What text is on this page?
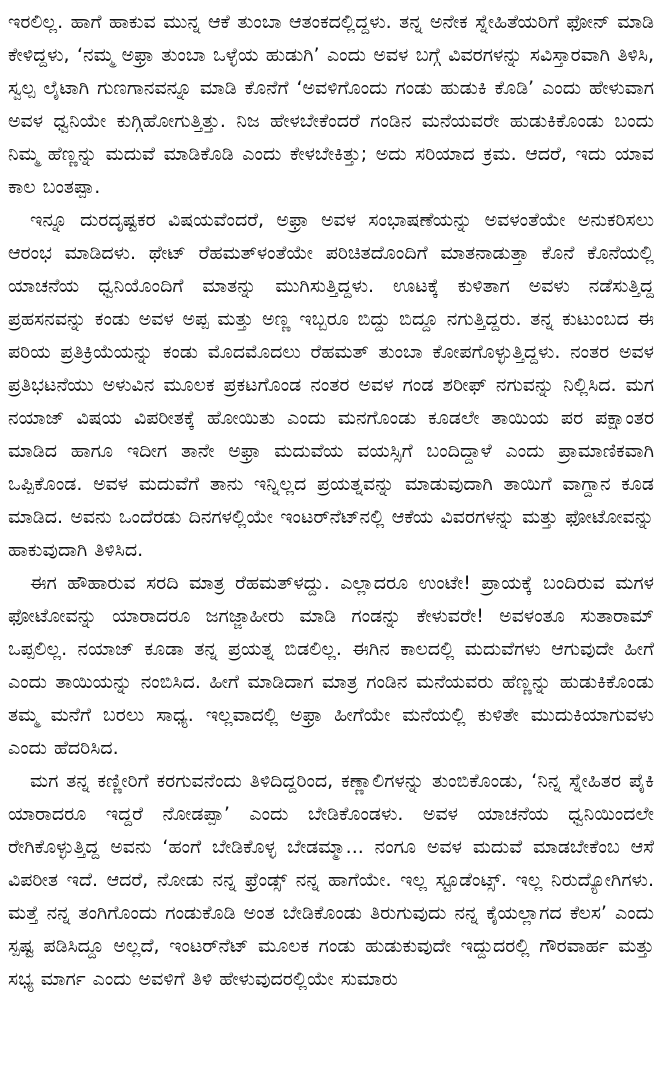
ಇರಲಿಲ್ಲ. ಹಾಗೆ ಹಾಕುವ ಮುನ್ನ ಆಕೆ ತುಂಬಾ ಆತಂಕದಲ್ಲಿದ್ದಳು. ತನ್ನ ಅನೇಕ ಸ್ನೇಹಿತೆಯರಿಗೆ ಫೋನ್ ಮಾಡಿ ಕೇಳಿದ್ದಳು, ‘ನಮ್ಮ ಅಫ್ರಾ ತುಂಬಾ ಒಳ್ಳೆಯ ಹುಡುಗಿ’ ಎಂದು ಅವಳ ಬಗ್ಗೆ ವಿವರಗಳನ್ನು ಸವಿಸ್ತಾರವಾಗಿ ತಿಳಿಸಿ, ಸ್ವಲ್ಪ ಲೈಟಾಗಿ ಗುಣಗಾನವನ್ನೂ ಮಾಡಿ ಕೊನೆಗೆ ‘ಅವಳಿಗೊಂದು ಗಂಡು ಹುಡುಕಿ ಕೊಡಿ’ ಎಂದು ಹೇಳುವಾಗ ಅವಳ ಧ್ವನಿಯೇ ಕುಗ್ಗಿಹೋಗುತ್ತಿತ್ತು. ನಿಜ ಹೇಳಬೇಕೆಂದರೆ ಗಂಡಿನ ಮನೆಯವರೇ ಹುಡುಕಿಕೊಂಡು ಬಂದು ನಿಮ್ಮ ಹೆಣ್ಣನ್ನು ಮದುವೆ ಮಾಡಿಕೊಡಿ ಎಂದು ಕೇಳಬೇಕಿತ್ತು; ಅದು ಸರಿಯಾದ ಕ್ರಮ. ಆದರೆ, ಇದು ಯಾವ ಕಾಲ ಬಂತಪ್ಪಾ.

ಇನ್ನೂ ದುರದೃಷ್ಟಕರ ವಿಷಯವೆಂದರೆ, ಅಫ್ರಾ ಅವಳ ಸಂಭಾಷಣೆಯನ್ನು ಅವಳಂತೆಯೇ ಅನುಕರಿಸಲು ಆರಂಭ ಮಾಡಿದಳು. ಥೇಟ್ ರೆಹಮತ್‌ಳಂತೆಯೇ ಪರಿಚಿತದೊಂದಿಗೆ ಮಾತನಾಡುತ್ತಾ ಕೊನೆ ಕೊನೆಯಲ್ಲಿ ಯಾಚನೆಯ ಧ್ವನಿಯೊಂದಿಗೆ ಮಾತನ್ನು ಮುಗಿಸುತ್ತಿದ್ದಳು. ಊಟಕ್ಕೆ ಕುಳಿತಾಗ ಅವಳು ನಡೆಸುತ್ತಿದ್ದ ಪ್ರಹಸನವನ್ನು ಕಂಡು ಅವಳ ಅಪ್ಪ ಮತ್ತು ಅಣ್ಣ ಇಬ್ಬರೂ ಬಿದ್ದು ಬಿದ್ದೂ ನಗುತ್ತಿದ್ದರು. ತನ್ನ ಕುಟುಂಬದ ಈ ಪರಿಯ ಪ್ರತಿಕ್ರಿಯೆಯನ್ನು ಕಂಡು ಮೊದಮೊದಲು ರೆಹಮತ್ ತುಂಬಾ ಕೋಪಗೊಳ್ಳುತ್ತಿದ್ದಳು. ನಂತರ ಅವಳ ಪ್ರತಿಭಟನೆಯು ಅಳುವಿನ ಮೂಲಕ ಪ್ರಕಟಗೊಂಡ ನಂತರ ಅವಳ ಗಂಡ ಶರೀಫ್ ನಗುವನ್ನು ನಿಲ್ಲಿಸಿದ. ಮಗ ನಯಾಜ್ ವಿಷಯ ವಿಪರೀತಕ್ಕೆ ಹೋಯಿತು ಎಂದು ಮನಗೊಂಡು ಕೂಡಲೇ ತಾಯಿಯ ಪರ ಪಕ್ಷಾಂತರ ಮಾಡಿದ ಹಾಗೂ ಇದೀಗ ತಾನೇ ಅಫ್ರಾ ಮದುವೆಯ ವಯಸ್ಸಿಗೆ ಬಂದಿದ್ದಾಳೆ ಎಂದು ಪ್ರಾಮಾಣಿಕವಾಗಿ ಒಪ್ಪಿಕೊಂಡ. ಅವಳ ಮದುವೆಗೆ ತಾನು ಇನ್ನಿಲ್ಲದ ಪ್ರಯತ್ನವನ್ನು ಮಾಡುವುದಾಗಿ ತಾಯಿಗೆ ವಾಗ್ದಾನ ಕೂಡ ಮಾಡಿದ. ಅವನು ಒಂದೆರಡು ದಿನಗಳಲ್ಲಿಯೇ ಇಂಟರ್‌ನೆಟ್‌ನಲ್ಲಿ ಆಕೆಯ ವಿವರಗಳನ್ನು ಮತ್ತು ಫೋಟೋವನ್ನು ಹಾಕುವುದಾಗಿ ತಿಳಿಸಿದ.

ಈಗ ಹೌಹಾರುವ ಸರದಿ ಮಾತ್ರ ರೆಹಮತ್‌ಳದ್ದು. ಎಲ್ಲಾದರೂ ಉಂಟೇ! ಪ್ರಾಯಕ್ಕೆ ಬಂದಿರುವ ಮಗಳ ಫೋಟೋವನ್ನು ಯಾರಾದರೂ ಜಗಜ್ಜಾಹೀರು ಮಾಡಿ ಗಂಡನ್ನು ಕೇಳುವರೇ! ಅವಳಂತೂ ಸುತಾರಾಮ್ ಒಪ್ಪಲಿಲ್ಲ. ನಯಾಜ್ ಕೂಡಾ ತನ್ನ ಪ್ರಯತ್ನ ಬಿಡಲಿಲ್ಲ. ಈಗಿನ ಕಾಲದಲ್ಲಿ ಮದುವೆಗಳು ಆಗುವುದೇ ಹೀಗೆ ಎಂದು ತಾಯಿಯನ್ನು ನಂಬಿಸಿದ. ಹೀಗೆ ಮಾಡಿದಾಗ ಮಾತ್ರ ಗಂಡಿನ ಮನೆಯವರು ಹೆಣ್ಣನ್ನು ಹುಡುಕಿಕೊಂಡು ತಮ್ಮ ಮನೆಗೆ ಬರಲು ಸಾಧ್ಯ. ಇಲ್ಲವಾದಲ್ಲಿ ಅಫ್ರಾ ಹೀಗೆಯೇ ಮನೆಯಲ್ಲಿ ಕುಳಿತೇ ಮುದುಕಿಯಾಗುವಳು ಎಂದು ಹೆದರಿಸಿದ.

ಮಗ ತನ್ನ ಕಣ್ಣೀರಿಗೆ ಕರಗುವನೆಂದು ತಿಳಿದಿದ್ದರಿಂದ, ಕಣ್ಣಾಲಿಗಳನ್ನು ತುಂಬಿಕೊಂಡು, ‘ನಿನ್ನ ಸ್ನೇಹಿತರ ಪೈಕಿ ಯಾರಾದರೂ ಇದ್ದರೆ ನೋಡಪ್ಪಾ’ ಎಂದು ಬೇಡಿಕೊಂಡಳು. ಅವಳ ಯಾಚನೆಯ ಧ್ವನಿಯಿಂದಲೇ ರೇಗಿಕೊಳ್ಳುತ್ತಿದ್ದ ಅವನು ‘ಹಂಗೆ ಬೇಡಿಕೊಳ್ಳ ಬೇಡಮ್ಮಾ... ನಂಗೂ ಅವಳ ಮದುವೆ ಮಾಡಬೇಕೆಂಬ ಆಸೆ ವಿಪರೀತ ಇದೆ. ಆದರೆ, ನೋಡು ನನ್ನ ಫ್ರೆಂಡ್ಸ್ ನನ್ನ ಹಾಗೆಯೇ. ಇಲ್ಲ ಸ್ಟೂಡೆಂಟ್ಸ್. ಇಲ್ಲ ನಿರುದ್ಯೋಗಿಗಳು. ಮತ್ತೆ ನನ್ನ ತಂಗಿಗೊಂದು ಗಂಡುಕೊಡಿ ಅಂತ ಬೇಡಿಕೊಂಡು ತಿರುಗುವುದು ನನ್ನ ಕೈಯಲ್ಲಾಗದ ಕೆಲಸ’ ಎಂದು ಸ್ಪಷ್ಟ ಪಡಿಸಿದ್ದೂ ಅಲ್ಲದೆ, ಇಂಟರ್‌ನೆಟ್ ಮೂಲಕ ಗಂಡು ಹುಡುಕುವುದೇ ಇದ್ದುದರಲ್ಲಿ ಗೌರವಾರ್ಹ ಮತ್ತು ಸಭ್ಯ ಮಾರ್ಗ ಎಂದು ಅವಳಿಗೆ ತಿಳಿ ಹೇಳುವುದರಲ್ಲಿಯೇ ಸುಮಾರು
